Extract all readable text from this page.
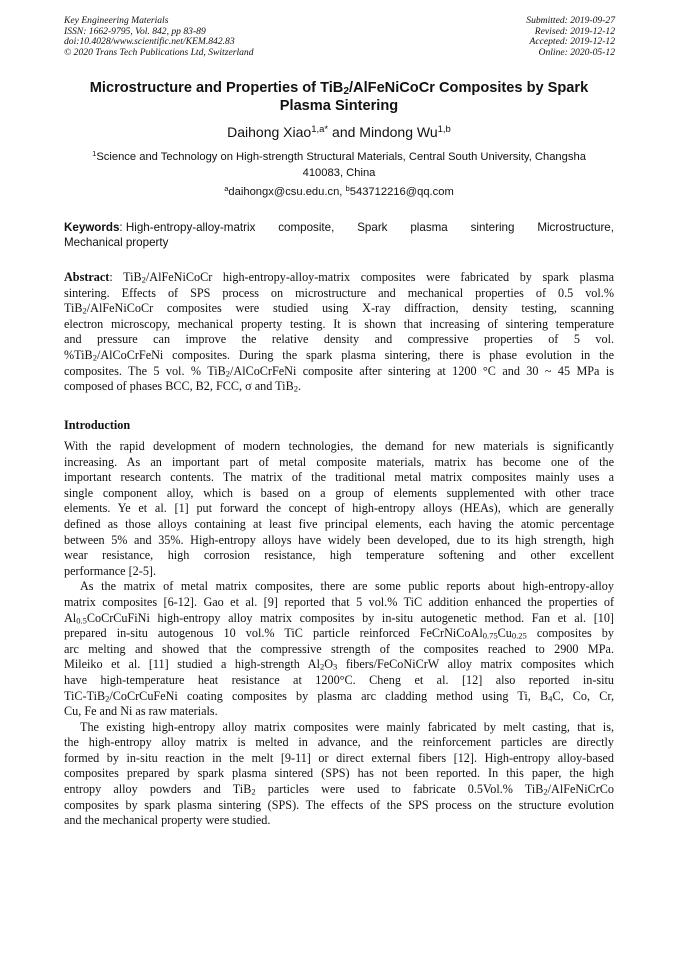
Key Engineering Materials
ISSN: 1662-9795, Vol. 842, pp 83-89
doi:10.4028/www.scientific.net/KEM.842.83
© 2020 Trans Tech Publications Ltd, Switzerland
Submitted: 2019-09-27
Revised: 2019-12-12
Accepted: 2019-12-12
Online: 2020-05-12
Microstructure and Properties of TiB$_2$/AlFeNiCoCr Composites by Spark
Plasma Sintering
Daihong Xiao$^{1,a*}$ and Mindong Wu$^{1,b}$
$^1$Science and Technology on High-strength Structural Materials, Central South University, Changsha
410083, China
$^a$daihongx@csu.edu.cn, $^b$543712216@qq.com
Keywords: High-entropy-alloy-matrix composite, Spark plasma sintering Microstructure,
Mechanical property
Abstract: TiB$_2$/AlFeNiCoCr high-entropy-alloy-matrix composites were fabricated by spark plasma
sintering. Effects of SPS process on microstructure and mechanical properties of 0.5 vol.%
TiB$_2$/AlFeNiCoCr composites were studied using X-ray diffraction, density testing, scanning
electron microscopy, mechanical property testing. It is shown that increasing of sintering temperature
and pressure can improve the relative density and compressive properties of 5 vol.
%TiB$_2$/AlCoCrFeNi composites. During the spark plasma sintering, there is phase evolution in the
composites. The 5 vol. % TiB$_2$/AlCoCrFeNi composite after sintering at 1200 °C and 30 ~ 45 MPa is
composed of phases BCC, B2, FCC, σ and TiB$_2$.
Introduction
With the rapid development of modern technologies, the demand for new materials is significantly
increasing. As an important part of metal composite materials, matrix has become one of the
important research contents. The matrix of the traditional metal matrix composites mainly uses a
single component alloy, which is based on a group of elements supplemented with other trace
elements. Ye et al. [1] put forward the concept of high-entropy alloys (HEAs), which are generally
defined as those alloys containing at least five principal elements, each having the atomic percentage
between 5% and 35%. High-entropy alloys have widely been developed, due to its high strength, high
wear resistance, high corrosion resistance, high temperature softening and other excellent
performance [2-5].
As the matrix of metal matrix composites, there are some public reports about high-entropy-alloy
matrix composites [6-12]. Gao et al. [9] reported that 5 vol.% TiC addition enhanced the properties of
$Al_{0.5}CoCrCuFiNi$ high-entropy alloy matrix composites by in-situ autogenetic method. Fan et al. [10]
prepared in-situ autogenous 10 vol.% TiC particle reinforced $FeCrNiCoAl_{0.75}Cu_{0.25}$ composites by
arc melting and showed that the compressive strength of the composites reached to 2900 MPa.
Mileiko et al. [11] studied a high-strength $Al_2O_3$ fibers/FeCoNiCrW alloy matrix composites which
have high-temperature heat resistance at 1200°C. Cheng et al. [12] also reported in-situ
TiC-TiB$_2$/CoCrCuFeNi coating composites by plasma arc cladding method using Ti, $B_4C$, Co, Cr,
Cu, Fe and Ni as raw materials.
The existing high-entropy alloy matrix composites were mainly fabricated by melt casting, that is,
the high-entropy alloy matrix is melted in advance, and the reinforcement particles are directly
formed by in-situ reaction in the melt [9-11] or direct external fibers [12]. High-entropy alloy-based
composites prepared by spark plasma sintered (SPS) has not been reported. In this paper, the high
entropy alloy powders and TiB$_2$ particles were used to fabricate 0.5Vol.% TiB$_2$/AlFeNiCrCo
composites by spark plasma sintering (SPS). The effects of the SPS process on the structure evolution
and the mechanical property were studied.
